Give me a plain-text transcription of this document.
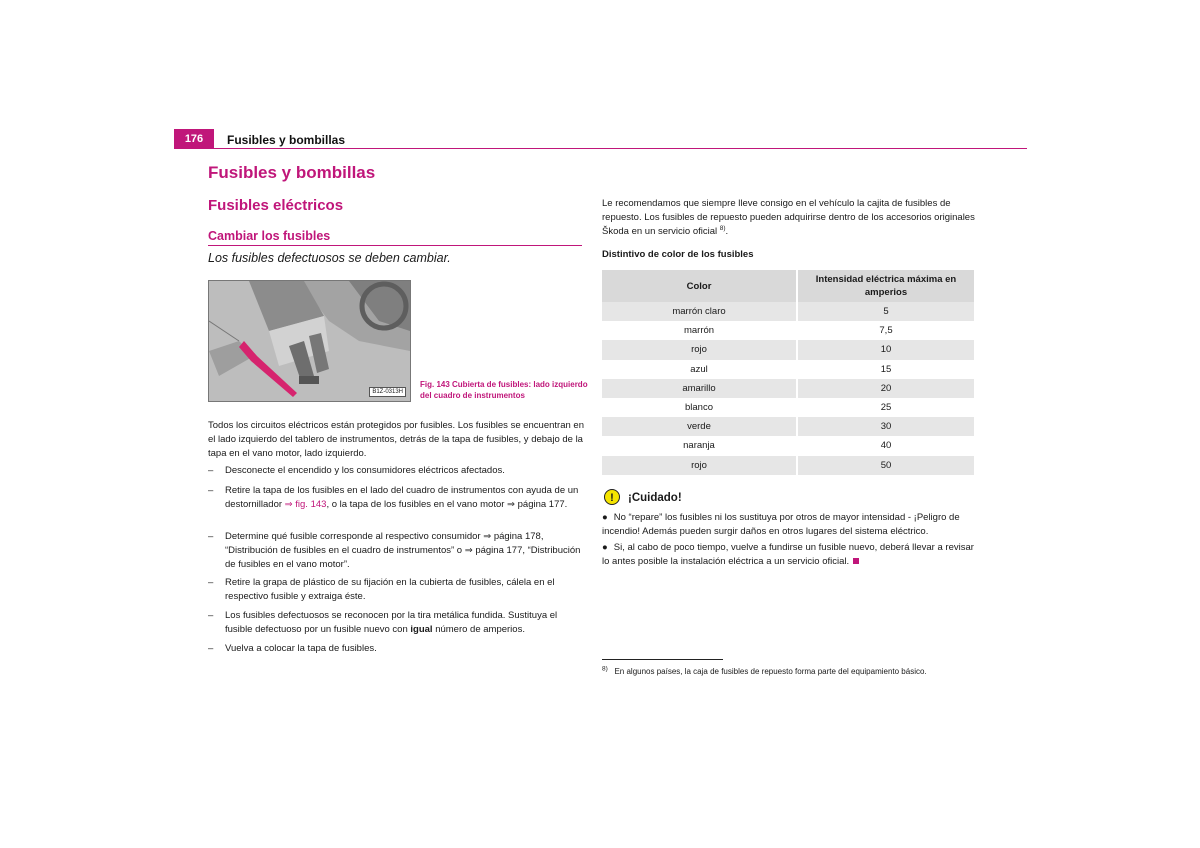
176	Fusibles y bombillas
Fusibles y bombillas
Fusibles eléctricos
Cambiar los fusibles
Los fusibles defectuosos se deben cambiar.
B1Z-0313H
Fig. 143 Cubierta de fusibles: lado izquierdo del cuadro de instrumentos
Todos los circuitos eléctricos están protegidos por fusibles. Los fusibles se encuentran en el lado izquierdo del tablero de instrumentos, detrás de la tapa de fusibles, y debajo de la tapa en el vano motor, lado izquierdo.
– Desconecte el encendido y los consumidores eléctricos afectados.
– Retire la tapa de los fusibles en el lado del cuadro de instrumentos con ayuda de un destornillador ⇒ fig. 143, o la tapa de los fusibles en el vano motor ⇒ página 177.
– Determine qué fusible corresponde al respectivo consumidor ⇒ página 178, “Distribución de fusibles en el cuadro de instrumentos” o ⇒ página 177, “Distribución de fusibles en el vano motor”.
– Retire la grapa de plástico de su fijación en la cubierta de fusibles, cálela en el respectivo fusible y extraiga éste.
– Los fusibles defectuosos se reconocen por la tira metálica fundida. Sustituya el fusible defectuoso por un fusible nuevo con igual número de amperios.
– Vuelva a colocar la tapa de fusibles.
Le recomendamos que siempre lleve consigo en el vehículo la cajita de fusibles de repuesto. Los fusibles de repuesto pueden adquirirse dentro de los accesorios originales Škoda en un servicio oficial $^{8)}$.
Distintivo de color de los fusibles
Color	Intensidad eléctrica máxima en amperios
marrón claro	5
marrón	7,5
rojo	10
azul	15
amarillo	20
blanco	25
verde	30
naranja	40
rojo	50
!	¡Cuidado!
● No “repare” los fusibles ni los sustituya por otros de mayor intensidad - ¡Peligro de incendio! Además pueden surgir daños en otros lugares del sistema eléctrico.
● Si, al cabo de poco tiempo, vuelve a fundirse un fusible nuevo, deberá llevar a revisar lo antes posible la instalación eléctrica a un servicio oficial.
$^{8)}$ En algunos países, la caja de fusibles de repuesto forma parte del equipamiento básico.
